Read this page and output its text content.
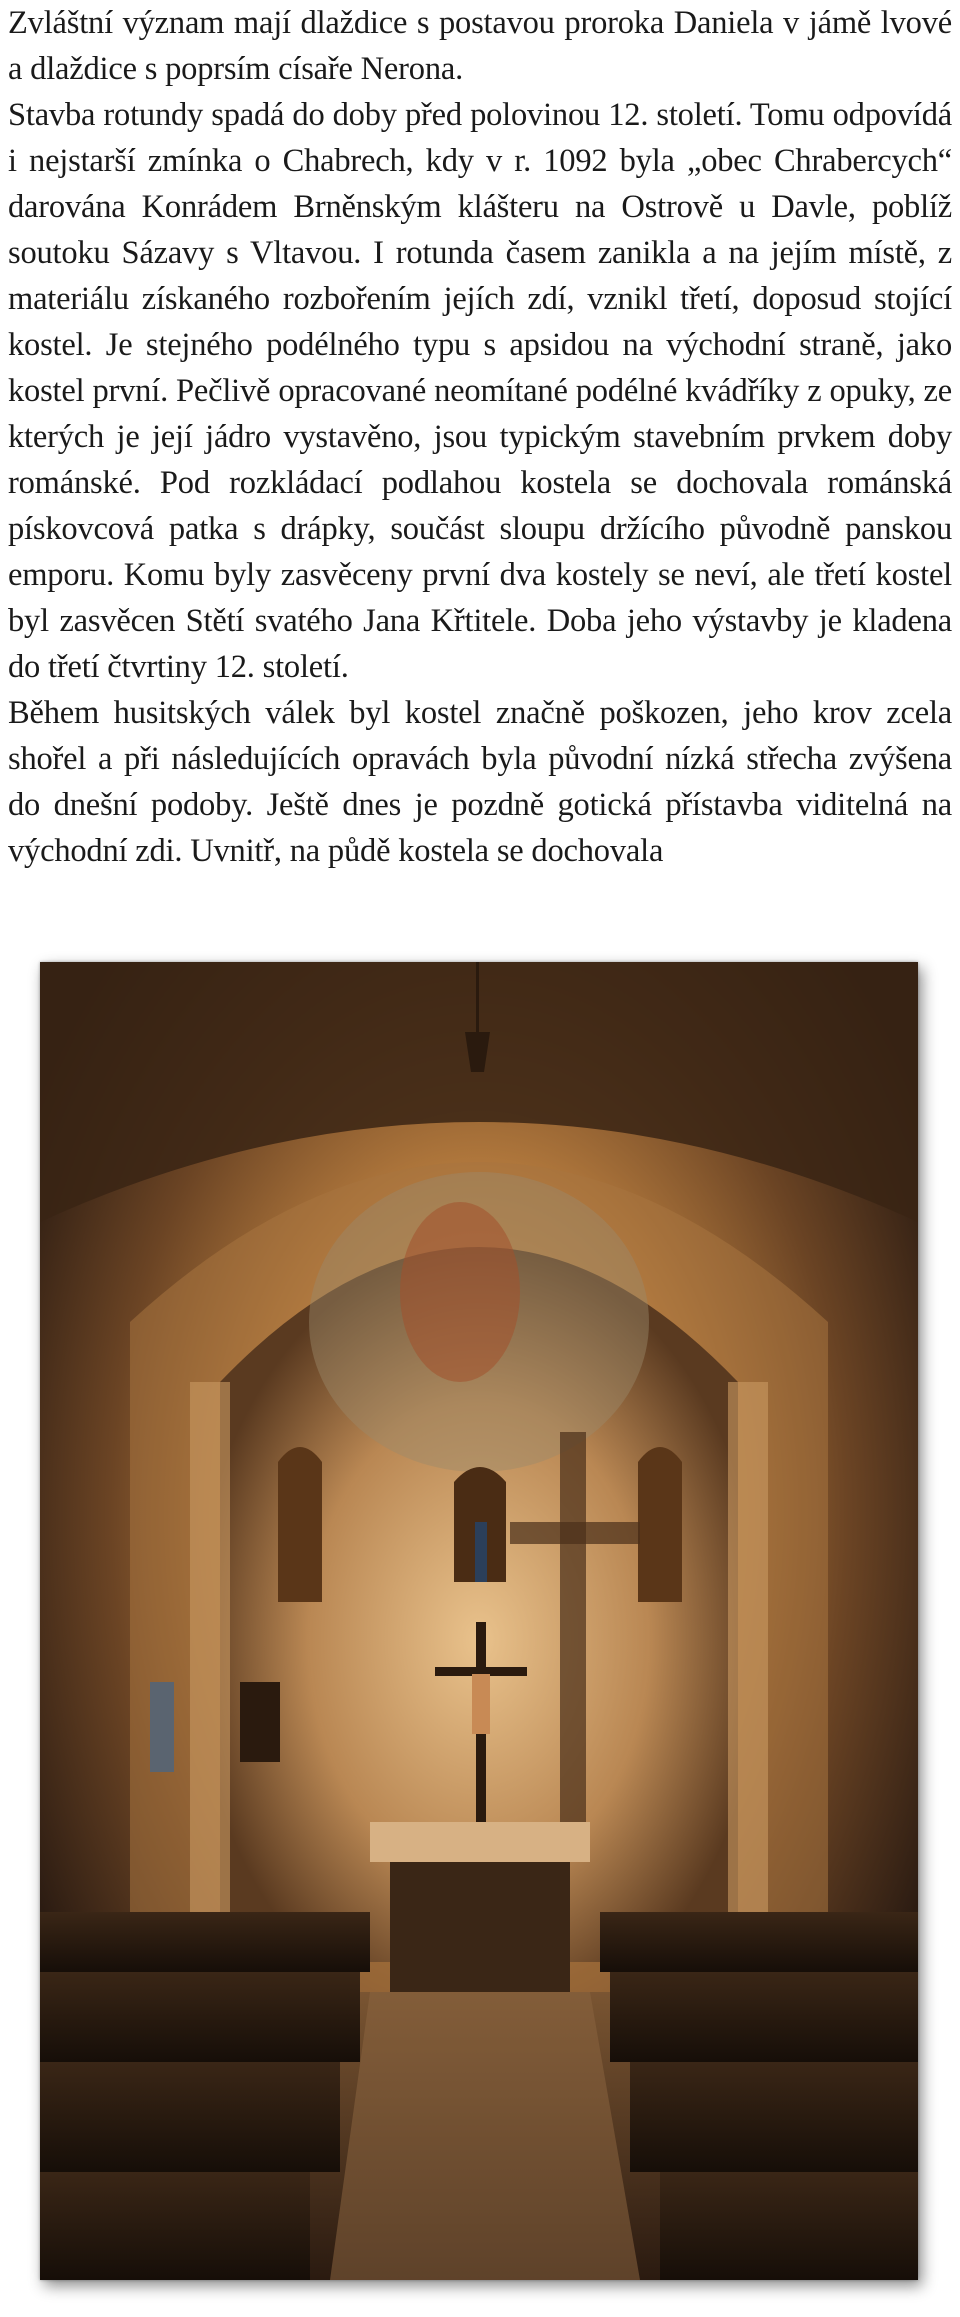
Zvláštní význam mají dlaždice s postavou proroka Daniela v jámě lvové a dlaždice s poprsím císaře Nerona.

Stavba rotundy spadá do doby před polovinou 12. století. Tomu odpovídá i nejstarší zmínka o Chabrech, kdy v r. 1092 byla „obec Chrabercych“ darována Konrádem Brněnským klášteru na Ostrově u Davle, poblíž soutoku Sázavy s Vltavou. I rotunda časem zanikla a na jejím místě, z materiálu získaného rozbořením jejích zdí, vznikl třetí, doposud stojící kostel. Je stejného podélného typu s apsidou na východní straně, jako kostel první. Pečlivě opracované neomítané podélné kvádříky z opuky, ze kterých je její jádro vystavěno, jsou typickým stavebním prvkem doby románské. Pod rozkládací podlahou kostela se dochovala románská pískovcová patka s drápky, součást sloupu držícího původně panskou emporu. Komu byly zasvěceny první dva kostely se neví, ale třetí kostel byl zasvěcen Stětí svatého Jana Křtitele. Doba jeho výstavby je kladena do třetí čtvrtiny 12. století.

Během husitských válek byl kostel značně poškozen, jeho krov zcela shořel a při následujících opravách byla původní nízká střecha zvýšena do dnešní podoby. Ještě dnes je pozdně gotická přístavba viditelná na východní zdi. Uvnitř, na půdě kostela se dochovala
